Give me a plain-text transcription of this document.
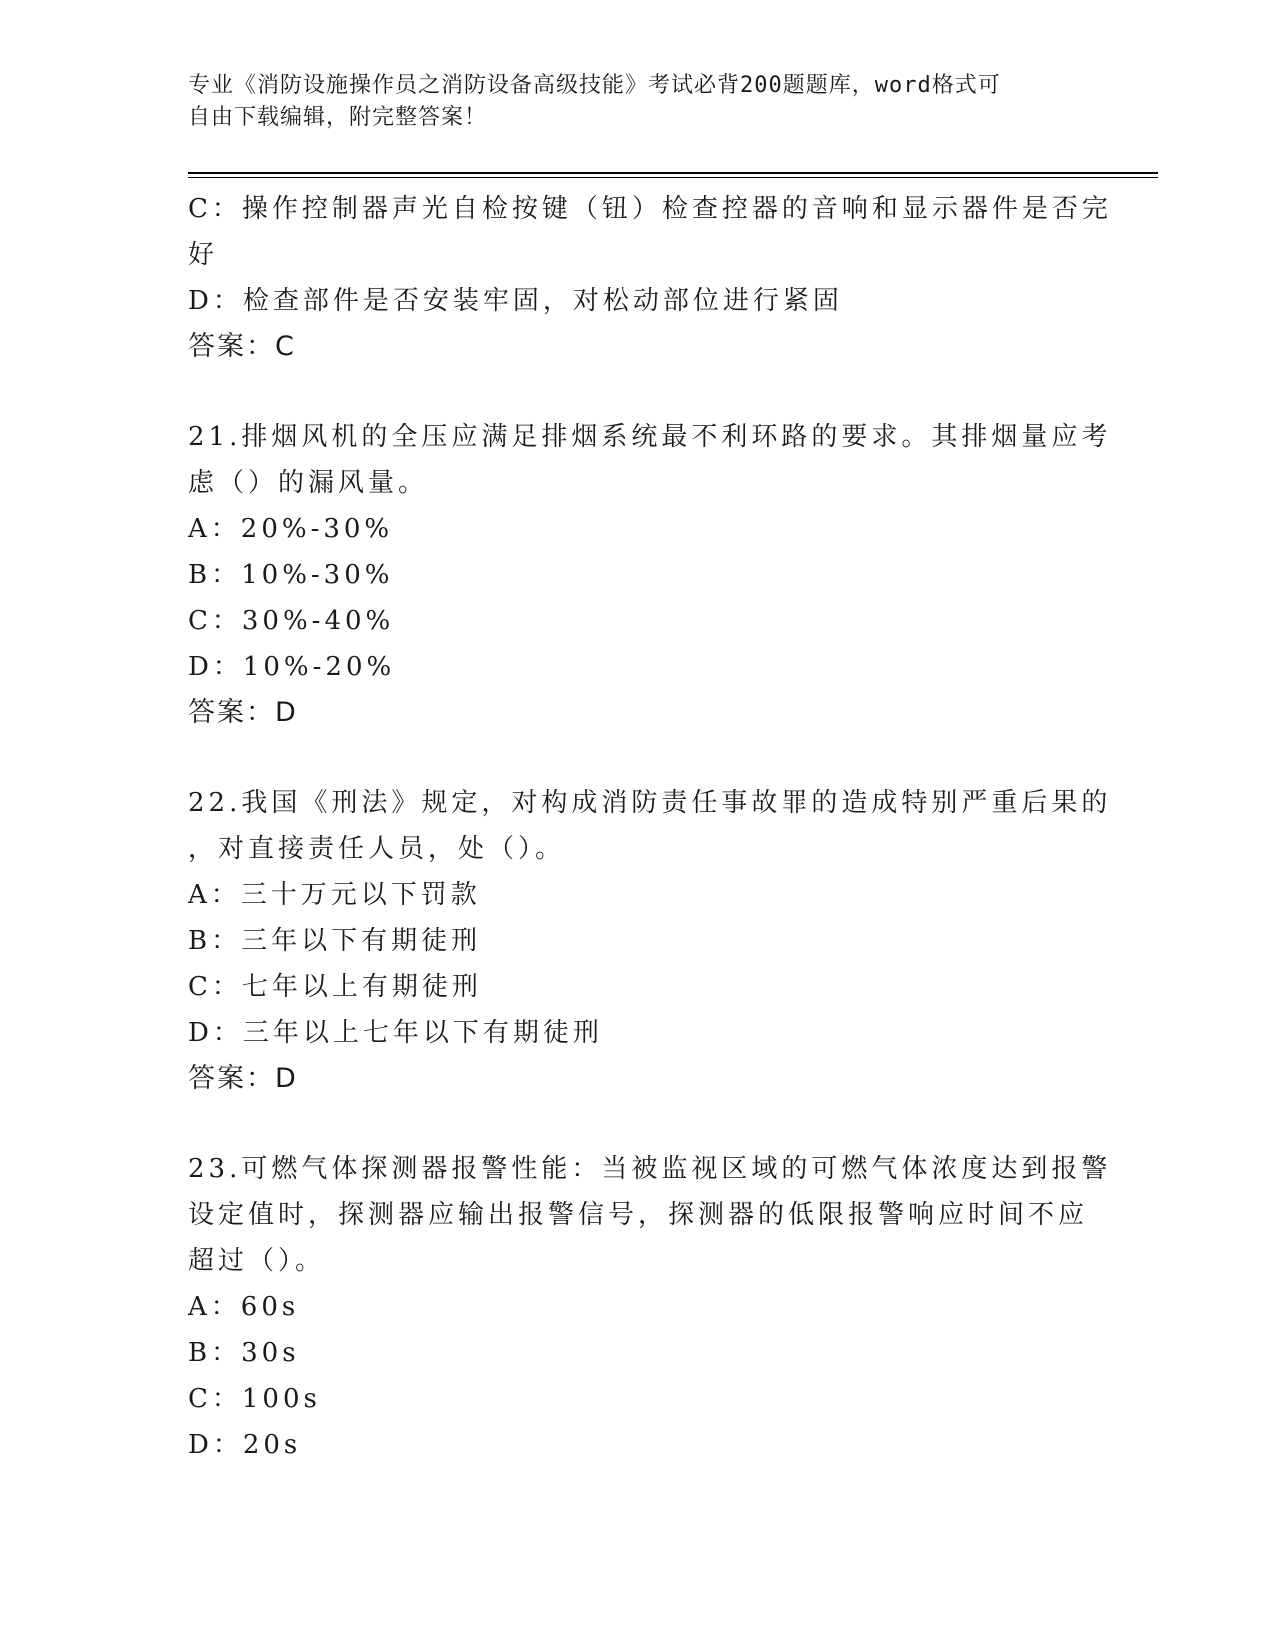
专业《消防设施操作员之消防设备高级技能》考试必背200题题库，word格式可
自由下载编辑，附完整答案！
C：操作控制器声光自检按键（钮）检查控器的音响和显示器件是否完
好
D：检查部件是否安装牢固，对松动部位进行紧固
答案：C
21.排烟风机的全压应满足排烟系统最不利环路的要求。其排烟量应考
虑（）的漏风量。
A：20%-30%
B：10%-30%
C：30%-40%
D：10%-20%
答案：D
22.我国《刑法》规定，对构成消防责任事故罪的造成特别严重后果的
，对直接责任人员，处（）。
A：三十万元以下罚款
B：三年以下有期徒刑
C：七年以上有期徒刑
D：三年以上七年以下有期徒刑
答案：D
23.可燃气体探测器报警性能：当被监视区域的可燃气体浓度达到报警
设定值时，探测器应输出报警信号，探测器的低限报警响应时间不应
超过（）。
A：60s
B：30s
C：100s
D：20s
